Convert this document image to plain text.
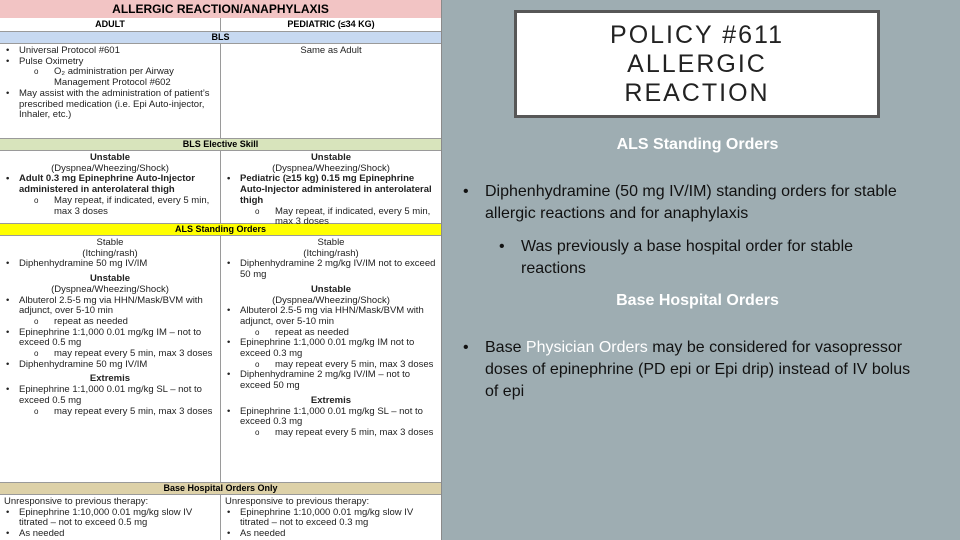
ALLERGIC REACTION/ANAPHYLAXIS
ADULT	PEDIATRIC (≤34 KG)
BLS
• Universal Protocol #601
• Pulse Oximetry
o O₂ administration per Airway Management Protocol #602
• May assist with the administration of patient’s prescribed medication (i.e. Epi Auto-injector, Inhaler, etc.)
Same as Adult
BLS Elective Skill
Unstable
(Dyspnea/Wheezing/Shock)
• Adult 0.3 mg Epinephrine Auto-Injector administered in anterolateral thigh
o May repeat, if indicated, every 5 min, max 3 doses
Unstable
(Dyspnea/Wheezing/Shock)
• Pediatric (≥15 kg) 0.15 mg Epinephrine Auto-Injector administered in anterolateral thigh
o May repeat, if indicated, every 5 min, max 3 doses
ALS Standing Orders
Stable
(Itching/rash)
• Diphenhydramine 50 mg IV/IM
Unstable
(Dyspnea/Wheezing/Shock)
• Albuterol 2.5-5 mg via HHN/Mask/BVM with adjunct, over 5-10 min
o repeat as needed
• Epinephrine 1:1,000 0.01 mg/kg IM – not to exceed 0.5 mg
o may repeat every 5 min, max 3 doses
• Diphenhydramine 50 mg IV/IM
Extremis
• Epinephrine 1:1,000 0.01 mg/kg SL – not to exceed 0.5 mg
o may repeat every 5 min, max 3 doses
Stable
(Itching/rash)
• Diphenhydramine 2 mg/kg IV/IM not to exceed 50 mg
Unstable
(Dyspnea/Wheezing/Shock)
• Albuterol 2.5-5 mg via HHN/Mask/BVM with adjunct, over 5-10 min
o repeat as needed
• Epinephrine 1:1,000 0.01 mg/kg IM not to exceed 0.3 mg
o may repeat every 5 min, max 3 doses
• Diphenhydramine 2 mg/kg IV/IM – not to exceed 50 mg
Extremis
• Epinephrine 1:1,000 0.01 mg/kg SL – not to exceed 0.3 mg
o may repeat every 5 min, max 3 doses
Base Hospital Orders Only
Unresponsive to previous therapy:
• Epinephrine 1:10,000 0.01 mg/kg slow IV titrated – not to exceed 0.5 mg
• As needed
Unresponsive to previous therapy:
• Epinephrine 1:10,000 0.01 mg/kg slow IV titrated – not to exceed 0.3 mg
• As needed
POLICY #611
ALLERGIC
REACTION
ALS Standing Orders
• Diphenhydramine (50 mg IV/IM) standing orders for stable allergic reactions and for anaphylaxis
• Was previously a base hospital order for stable reactions
Base Hospital Orders
• Base Physician Orders may be considered for vasopressor doses of epinephrine (PD epi or Epi drip) instead of IV bolus of epi
